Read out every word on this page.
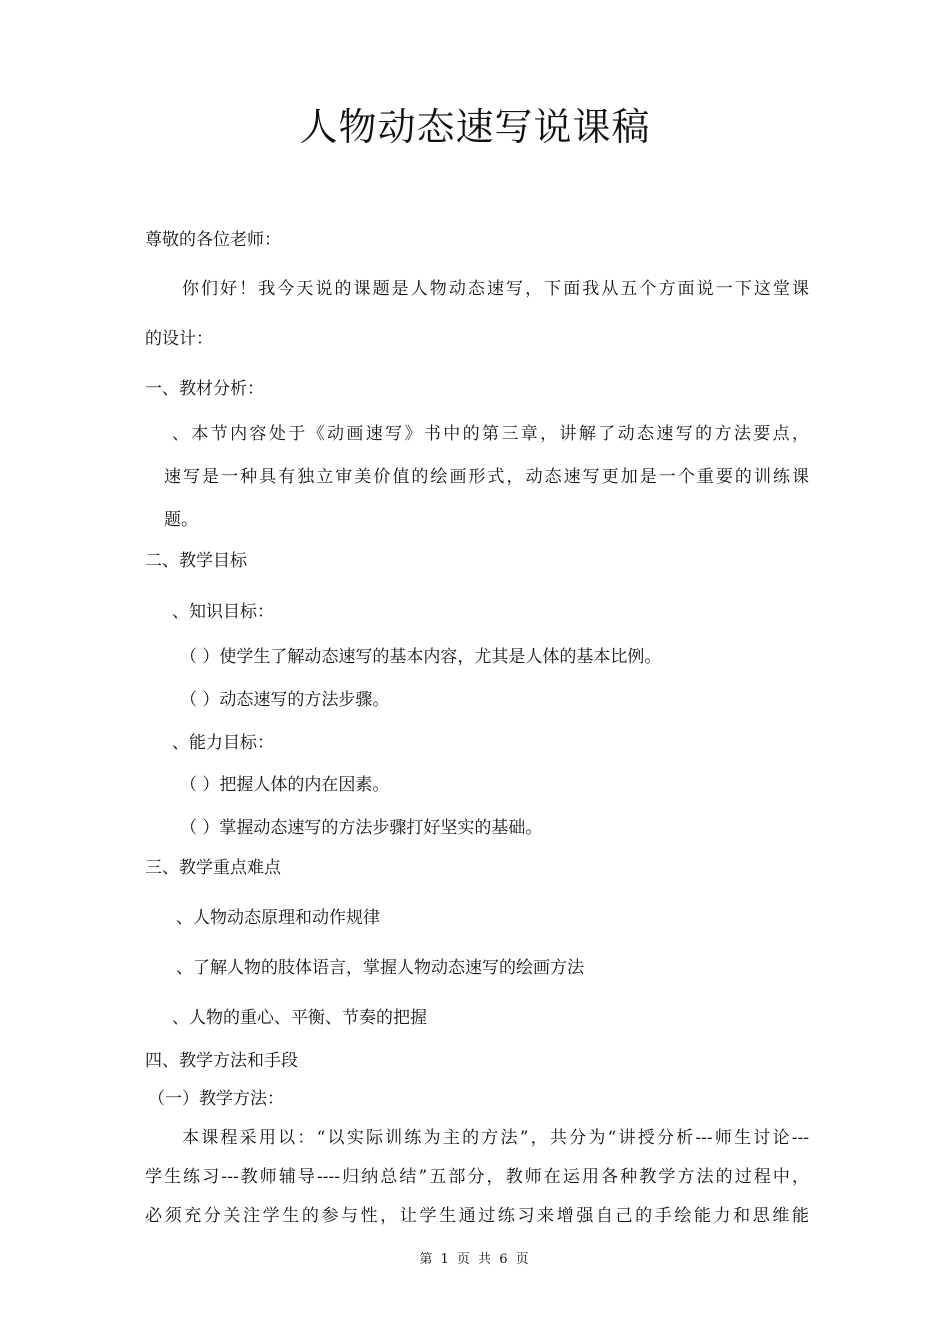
人物动态速写说课稿
尊敬的各位老师：
你们好！我今天说的课题是人物动态速写，下面我从五个方面说一下这堂课
的设计：
一、教材分析：
、本节内容处于《动画速写》书中的第三章，讲解了动态速写的方法要点，
速写是一种具有独立审美价值的绘画形式，动态速写更加是一个重要的训练课
题。
二、教学目标
、知识目标：
（ ）使学生了解动态速写的基本内容，尤其是人体的基本比例。
（ ）动态速写的方法步骤。
、能力目标：
（ ）把握人体的内在因素。
（ ）掌握动态速写的方法步骤打好坚实的基础。
三、教学重点难点
、人物动态原理和动作规律
、了解人物的肢体语言，掌握人物动态速写的绘画方法
、人物的重心、平衡、节奏的把握
四、教学方法和手段
（一）教学方法：
本课程采用以：“以实际训练为主的方法”，共分为“讲授分析---师生讨论---
学生练习---教师辅导----归纳总结”五部分，教师在运用各种教学方法的过程中，
必须充分关注学生的参与性，让学生通过练习来增强自己的手绘能力和思维能
第 1 页 共 6 页
